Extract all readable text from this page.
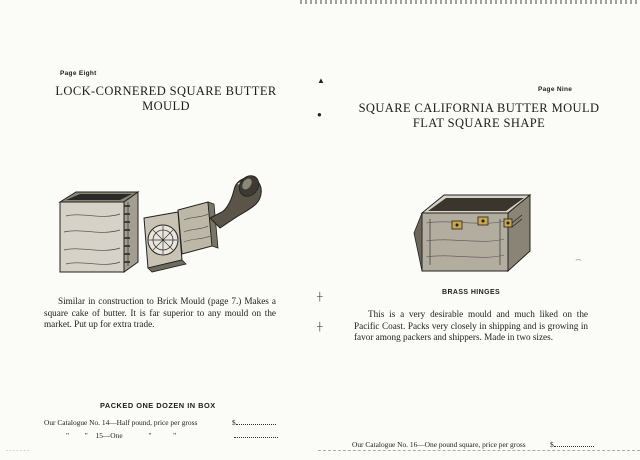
Page Eight
LOCK-CORNERED SQUARE BUTTER
MOULD
Similar in construction to Brick Mould (page 7.) Makes a square cake of butter. It is far superior to any mould on the market. Put up for extra trade.
PACKED ONE DOZEN IN BOX
Our Catalogue No. 14—Half pound, price per gross	$
" " 15—One	"	"
- - - - - - -
▲
●
┼
┼
Page Nine
SQUARE CALIFORNIA BUTTER MOULD
FLAT SQUARE SHAPE
BRASS HINGES
This is a very desirable mould and much liked on the Pacific Coast. Packs very closely in shipping and is growing in favor among packers and shippers. Made in two sizes.
⁔
Our Catalogue No. 16—One pound square, price per gross	$
